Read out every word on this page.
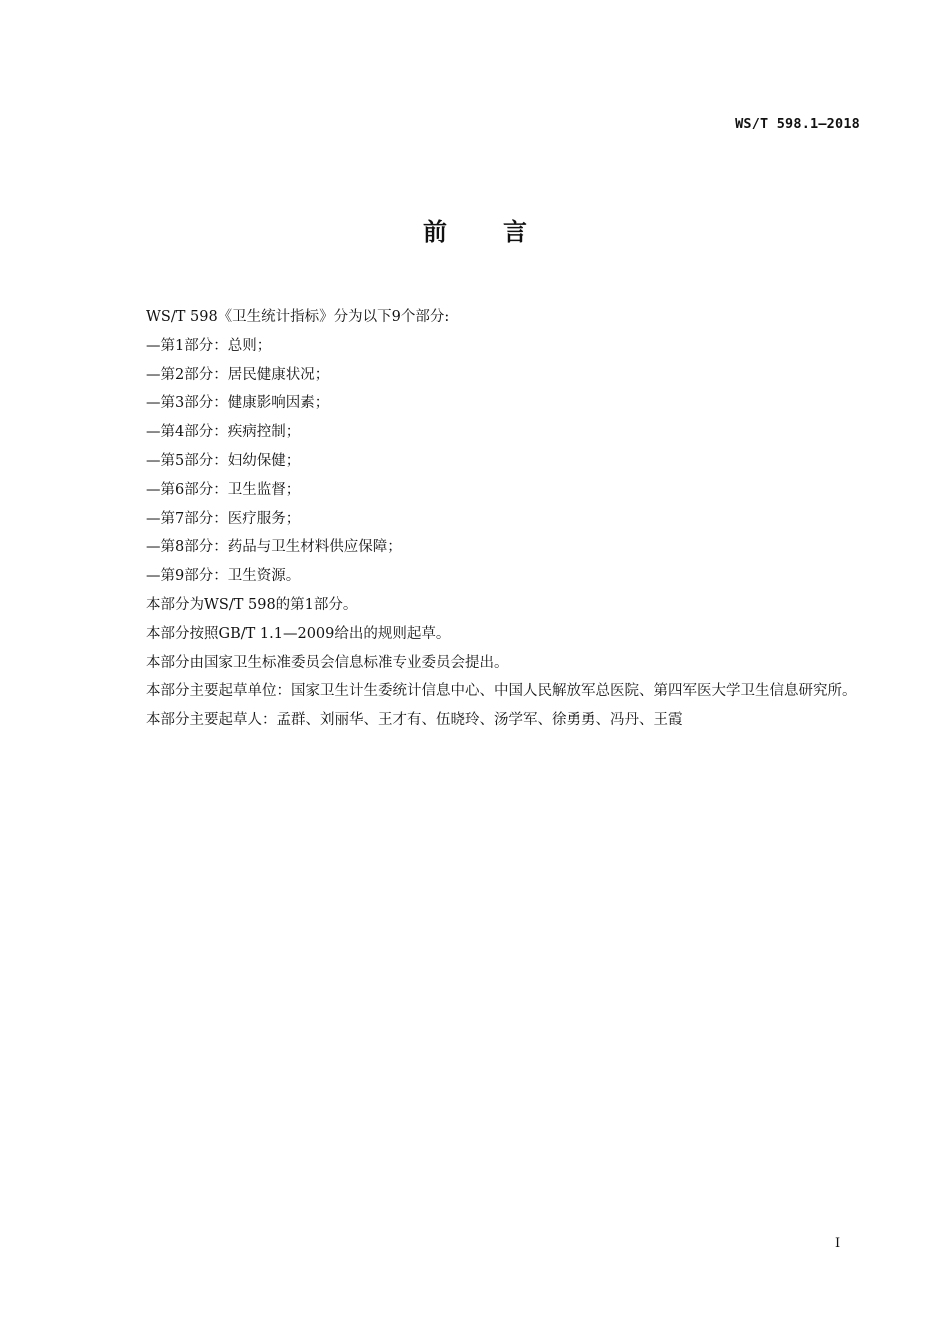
WS/T 598.1—2018
前 言

WS/T 598《卫生统计指标》分为以下9个部分:

—第1部分：总则；

—第2部分：居民健康状况；

—第3部分：健康影响因素；

—第4部分：疾病控制；

—第5部分：妇幼保健；

—第6部分：卫生监督；

—第7部分：医疗服务；

—第8部分：药品与卫生材料供应保障；

—第9部分：卫生资源。

本部分为WS/T 598的第1部分。

本部分按照GB/T 1.1—2009给出的规则起草。

本部分由国家卫生标准委员会信息标准专业委员会提出。

本部分主要起草单位：国家卫生计生委统计信息中心、中国人民解放军总医院、第四军医大学卫生信息研究所。

本部分主要起草人：孟群、刘丽华、王才有、伍晓玲、汤学军、徐勇勇、冯丹、王霞

I
